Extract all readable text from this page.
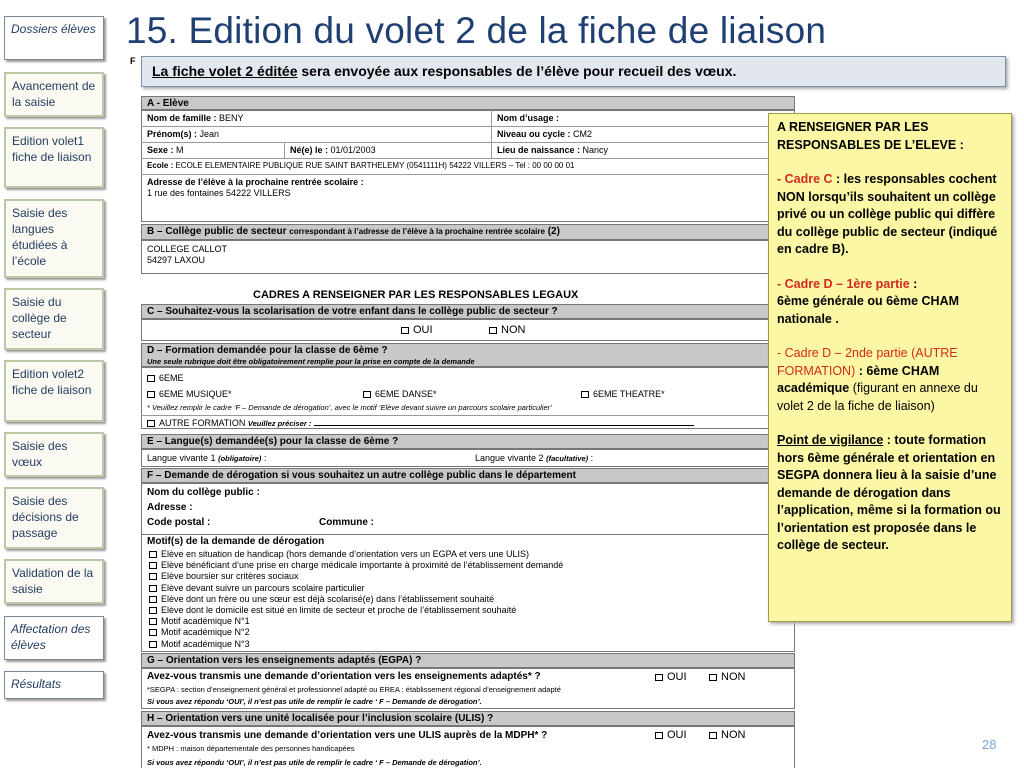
Dossiers élèves
Avancement de la saisie
Edition volet1 fiche de liaison
Saisie des langues étudiées à l’école
Saisie du collège de secteur
Edition volet2 fiche de liaison
Saisie des vœux
Saisie des décisions de passage
Validation de la saisie
Affectation des élèves
Résultats
15. Edition du volet 2 de la fiche de liaison
F
La fiche volet 2 éditée sera envoyée aux responsables de l’élève pour recueil des vœux.
A - Elève
Nom de famille : BENY	Nom d’usage :
Prénom(s) : Jean	Niveau ou cycle : CM2
Sexe : M	Né(e) le : 01/01/2003	Lieu de naissance : Nancy
Ecole : ECOLE ELEMENTAIRE PUBLIQUE RUE SAINT BARTHELEMY (0541111H) 54222 VILLERS – Tel : 00 00 00 01
Adresse de l’élève à la prochaine rentrée scolaire :
1 rue des fontaines 54222 VILLERS
B – Collège public de secteur correspondant à l’adresse de l’élève à la prochaine rentrée scolaire (2)
COLLEGE CALLOT
54297 LAXOU
CADRES A RENSEIGNER PAR LES RESPONSABLES LEGAUX
C – Souhaitez-vous la scolarisation de votre enfant dans le collège public de secteur ?
OUI	NON
D – Formation demandée pour la classe de 6ème ?
Une seule rubrique doit être obligatoirement remplie pour la prise en compte de la demande
6EME
6EME MUSIQUE*	6EME DANSE*	6EME THEATRE*
* Veuillez remplir le cadre ‘F – Demande de dérogation’, avec le motif ‘Elève devant suivre un parcours scolaire particulier’
AUTRE FORMATION Veuillez préciser :
E – Langue(s) demandée(s) pour la classe de 6ème ?
Langue vivante 1 (obligatoire) :	Langue vivante 2 (facultative) :
F – Demande de dérogation si vous souhaitez un autre collège public dans le département
Nom du collège public :
Adresse :
Code postal :	Commune :
Motif(s) de la demande de dérogation
Elève en situation de handicap (hors demande d’orientation vers un EGPA et vers une ULIS)
Elève bénéficiant d’une prise en charge médicale importante à proximité de l’établissement demandé
Elève boursier sur critères sociaux
Elève devant suivre un parcours scolaire particulier
Elève dont un frère ou une sœur est déjà scolarisé(e) dans l’établissement souhaité
Elève dont le domicile est situé en limite de secteur et proche de l’établissement souhaité
Motif académique N°1
Motif académique N°2
Motif académique N°3
G – Orientation vers les enseignements adaptés (EGPA) ?
Avez-vous transmis une demande d’orientation vers les enseignements adaptés* ?	OUI	NON
*SEGPA : section d’enseignement général et professionnel adapté ou EREA : établissement régional d’enseignement adapté
Si vous avez répondu ‘OUI’, il n’est pas utile de remplir le cadre ‘ F – Demande de dérogation’.
H – Orientation vers une unité localisée pour l’inclusion scolaire (ULIS) ?
Avez-vous transmis une demande d’orientation vers une ULIS auprès de la MDPH* ?	OUI	NON
* MDPH : maison départementale des personnes handicapées
Si vous avez répondu ‘OUI’, il n’est pas utile de remplir le cadre ‘ F – Demande de dérogation’.

A RENSEIGNER PAR LES RESPONSABLES DE L’ELEVE :

- Cadre C : les responsables cochent NON lorsqu’ils souhaitent un collège privé ou un collège public qui diffère du collège public de secteur (indiqué en cadre B).

- Cadre D – 1ère partie :
6ème générale ou 6ème CHAM nationale .

- Cadre D – 2nde partie (AUTRE FORMATION) : 6ème CHAM académique (figurant en annexe du volet 2 de la fiche de liaison)

Point de vigilance : toute formation hors 6ème générale et orientation en SEGPA donnera lieu à la saisie d’une demande de dérogation dans l’application, même si la formation ou l’orientation est proposée dans le collège de secteur.

28
